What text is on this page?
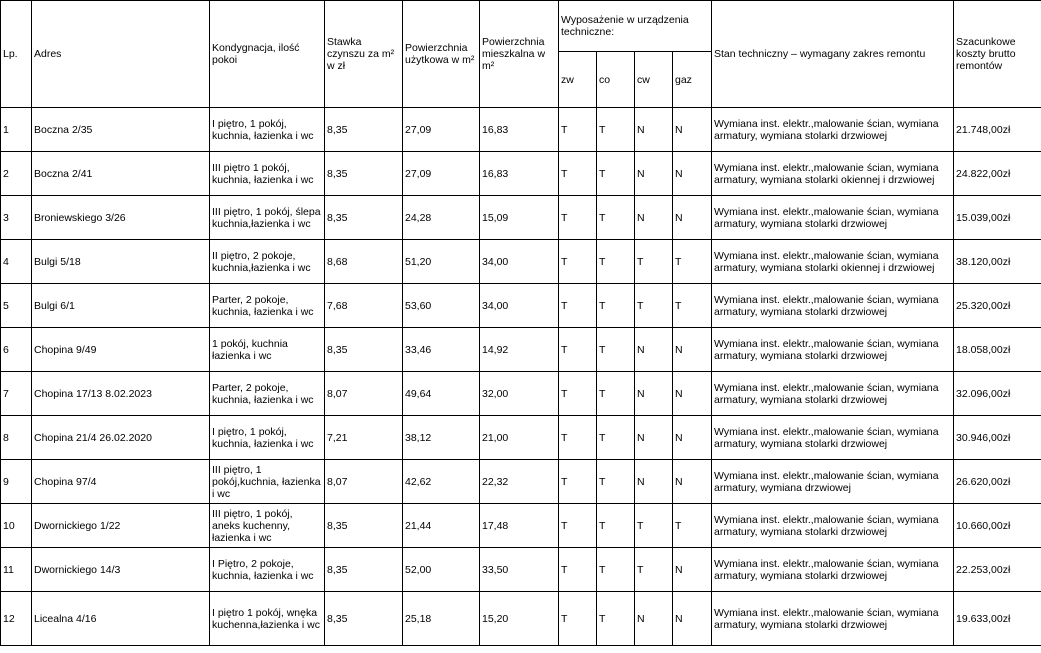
Lp.	Adres	Kondygnacja, ilość pokoi	Stawka czynszu za m² w zł	Powierzchnia użytkowa w m²	Powierzchnia mieszkalna w m²	Wyposażenie w urządzenia techniczne:				Stan techniczny – wymagany zakres remontu	Szacunkowe koszty brutto remontów
						zw	co	cw	gaz		
1	Boczna 2/35	I piętro, 1 pokój, kuchnia, łazienka i wc	8,35	27,09	16,83	T	T	N	N	Wymiana inst. elektr.,malowanie ścian, wymiana armatury, wymiana stolarki drzwiowej	21.748,00zł
2	Boczna 2/41	III piętro 1 pokój, kuchnia, łazienka i wc	8,35	27,09	16,83	T	T	N	N	Wymiana inst. elektr.,malowanie ścian, wymiana armatury, wymiana stolarki okiennej i drzwiowej	24.822,00zł
3	Broniewskiego 3/26	III piętro, 1 pokój, ślepa kuchnia,łazienka i wc	8,35	24,28	15,09	T	T	N	N	Wymiana inst. elektr.,malowanie ścian, wymiana armatury, wymiana stolarki drzwiowej	15.039,00zł
4	Bulgi 5/18	II piętro, 2 pokoje, kuchnia,łazienka i wc	8,68	51,20	34,00	T	T	T	T	Wymiana inst. elektr.,malowanie ścian, wymiana armatury, wymiana stolarki okiennej i drzwiowej	38.120,00zł
5	Bulgi 6/1	Parter, 2 pokoje, kuchnia, łazienka i wc	7,68	53,60	34,00	T	T	T	T	Wymiana inst. elektr.,malowanie ścian, wymiana armatury, wymiana stolarki drzwiowej	25.320,00zł
6	Chopina 9/49	1 pokój, kuchnia łazienka i wc	8,35	33,46	14,92	T	T	N	N	Wymiana inst. elektr.,malowanie ścian, wymiana armatury, wymiana stolarki drzwiowej	18.058,00zł
7	Chopina 17/13 8.02.2023	Parter, 2 pokoje, kuchnia, łazienka i wc	8,07	49,64	32,00	T	T	N	N	Wymiana inst. elektr.,malowanie ścian, wymiana armatury, wymiana stolarki drzwiowej	32.096,00zł
8	Chopina 21/4 26.02.2020	I piętro, 1 pokój, kuchnia, łazienka i wc	7,21	38,12	21,00	T	T	N	N	Wymiana inst. elektr.,malowanie ścian, wymiana armatury, wymiana stolarki drzwiowej	30.946,00zł
9	Chopina 97/4	III piętro, 1 pokój,kuchnia, łazienka i wc	8,07	42,62	22,32	T	T	N	N	Wymiana inst. elektr.,malowanie ścian, wymiana armatury, wymiana drzwiowej	26.620,00zł
10	Dwornickiego 1/22	III piętro, 1 pokój, aneks kuchenny, łazienka i wc	8,35	21,44	17,48	T	T	T	T	Wymiana inst. elektr.,malowanie ścian, wymiana armatury, wymiana stolarki drzwiowej	10.660,00zł
11	Dwornickiego 14/3	I Piętro, 2 pokoje, kuchnia, łazienka i wc	8,35	52,00	33,50	T	T	T	N	Wymiana inst. elektr.,malowanie ścian, wymiana armatury, wymiana stolarki drzwiowej	22.253,00zł
12	Licealna 4/16	I piętro 1 pokój, wnęka kuchenna,łazienka i wc	8,35	25,18	15,20	T	T	N	N	Wymiana inst. elektr.,malowanie ścian, wymiana armatury, wymiana stolarki drzwiowej	19.633,00zł
